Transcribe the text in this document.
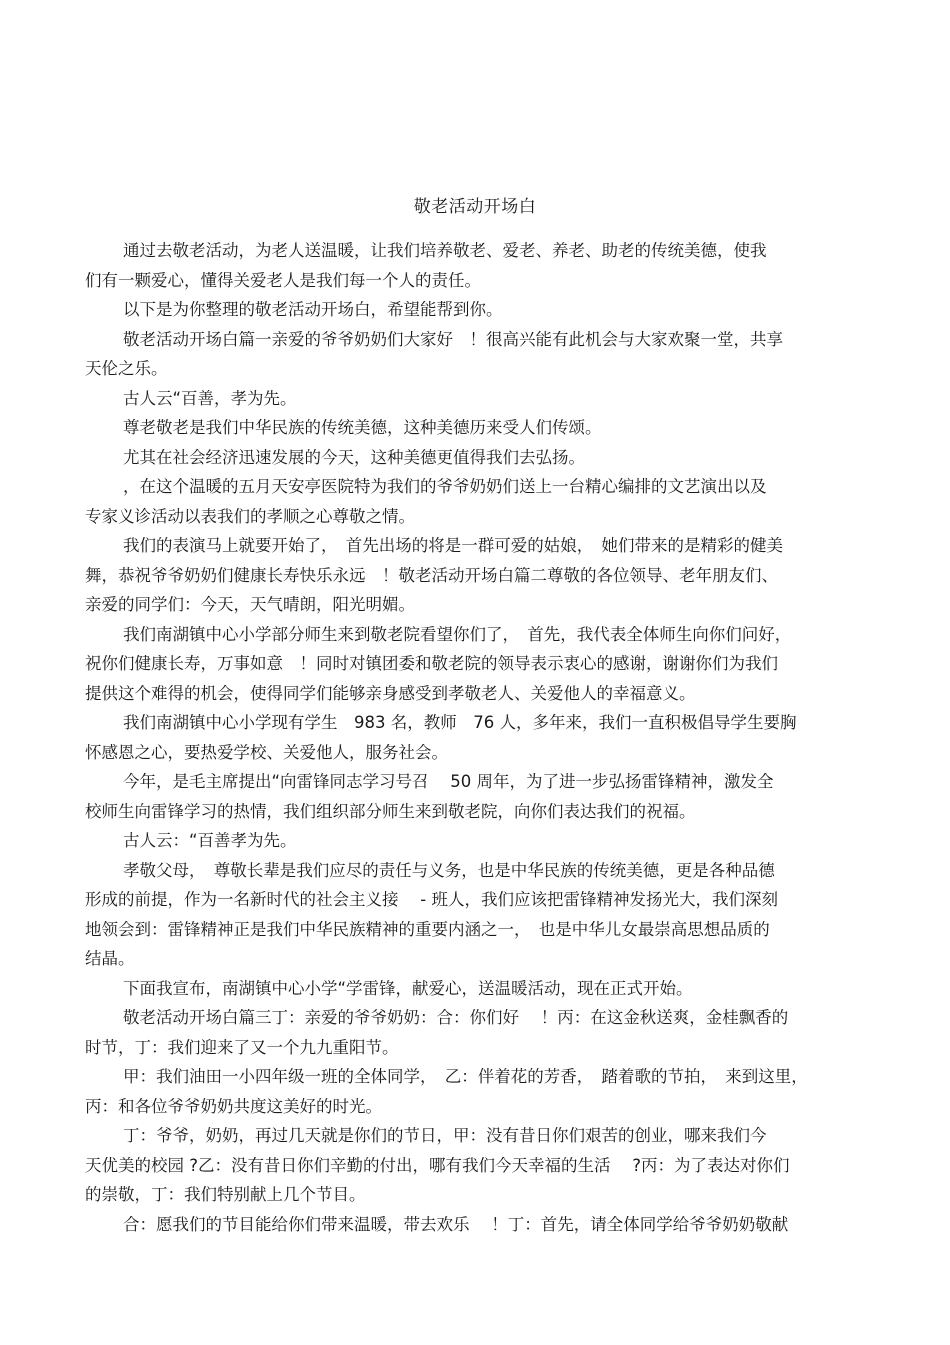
敬老活动开场白

通过去敬老活动，为老人送温暖，让我们培养敬老、爱老、养老、助老的传统美德，使我
们有一颗爱心，懂得关爱老人是我们每一个人的责任。

以下是为你整理的敬老活动开场白，希望能帮到你。

敬老活动开场白篇一亲爱的爷爷奶奶们大家好　！很高兴能有此机会与大家欢聚一堂，共享
天伦之乐。

古人云“百善，孝为先。

尊老敬老是我们中华民族的传统美德，这种美德历来受人们传颂。

尤其在社会经济迅速发展的今天，这种美德更值得我们去弘扬。

，在这个温暖的五月天安亭医院特为我们的爷爷奶奶们送上一台精心编排的文艺演出以及
专家义诊活动以表我们的孝顺之心尊敬之情。

我们的表演马上就要开始了，　首先出场的将是一群可爱的姑娘，　她们带来的是精彩的健美
舞，恭祝爷爷奶奶们健康长寿快乐永远　！敬老活动开场白篇二尊敬的各位领导、老年朋友们、
亲爱的同学们：今天，天气晴朗，阳光明媚。

我们南湖镇中心小学部分师生来到敬老院看望你们了，　首先，我代表全体师生向你们问好，
祝你们健康长寿，万事如意　！同时对镇团委和敬老院的领导表示衷心的感谢，谢谢你们为我们
提供这个难得的机会，使得同学们能够亲身感受到孝敬老人、关爱他人的幸福意义。

我们南湖镇中心小学现有学生　983 名，教师　76 人，多年来，我们一直积极倡导学生要胸
怀感恩之心，要热爱学校、关爱他人，服务社会。

今年，是毛主席提出“向雷锋同志学习号召　 50 周年，为了进一步弘扬雷锋精神，激发全
校师生向雷锋学习的热情，我们组织部分师生来到敬老院，向你们表达我们的祝福。

古人云：“百善孝为先。

孝敬父母，　尊敬长辈是我们应尽的责任与义务，也是中华民族的传统美德，更是各种品德
形成的前提，作为一名新时代的社会主义接　 - 班人，我们应该把雷锋精神发扬光大，我们深刻
地领会到：雷锋精神正是我们中华民族精神的重要内涵之一，　也是中华儿女最崇高思想品质的
结晶。

下面我宣布，南湖镇中心小学“学雷锋，献爱心，送温暖活动，现在正式开始。

敬老活动开场白篇三丁：亲爱的爷爷奶奶：合：你们好　 ！丙：在这金秋送爽，金桂飘香的
时节，丁：我们迎来了又一个九九重阳节。

甲：我们油田一小四年级一班的全体同学，　乙：伴着花的芳香，　踏着歌的节拍，　来到这里，
丙：和各位爷爷奶奶共度这美好的时光。

丁：爷爷，奶奶，再过几天就是你们的节日，甲：没有昔日你们艰苦的创业，哪来我们今
天优美的校园 ?乙：没有昔日你们辛勤的付出，哪有我们今天幸福的生活　 ?丙：为了表达对你们
的崇敬，丁：我们特别献上几个节目。

合：愿我们的节目能给你们带来温暖，带去欢乐　 ！丁：首先，请全体同学给爷爷奶奶敬献
